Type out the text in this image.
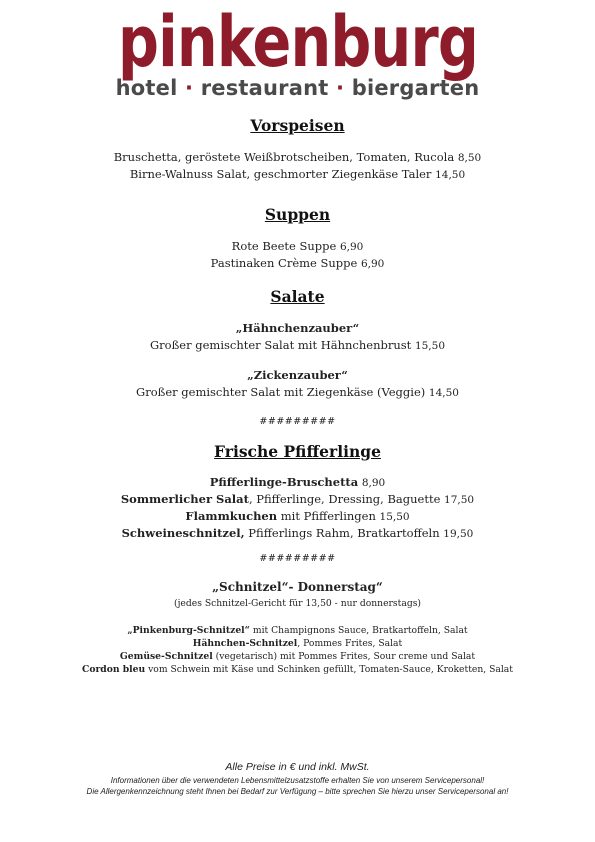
pinkenburg
hotel · restaurant · biergarten
Vorspeisen
Bruschetta, geröstete Weißbrotscheiben, Tomaten, Rucola 8,50
Birne-Walnuss Salat, geschmorter Ziegenkäse Taler 14,50
Suppen
Rote Beete Suppe 6,90
Pastinaken Crème Suppe 6,90
Salate
„Hähnchenzauber“
Großer gemischter Salat mit Hähnchenbrust 15,50
„Zickenzauber“
Großer gemischter Salat mit Ziegenkäse (Veggie) 14,50
#########
Frische Pfifferlinge
Pfifferlinge-Bruschetta 8,90
Sommerlicher Salat, Pfifferlinge, Dressing, Baguette 17,50
Flammkuchen mit Pfifferlingen 15,50
Schweineschnitzel, Pfifferlings Rahm, Bratkartoffeln 19,50
#########
„Schnitzel“- Donnerstag“
(jedes Schnitzel-Gericht für 13,50 - nur donnerstags)
„Pinkenburg-Schnitzel“ mit Champignons Sauce, Bratkartoffeln, Salat
Hähnchen-Schnitzel, Pommes Frites, Salat
Gemüse-Schnitzel (vegetarisch) mit Pommes Frites, Sour creme und Salat
Cordon bleu vom Schwein mit Käse und Schinken gefüllt, Tomaten-Sauce, Kroketten, Salat
Alle Preise in € und inkl. MwSt.
Informationen über die verwendeten Lebensmittelzusatzstoffe erhalten Sie von unserem Servicepersonal!
Die Allergenkennzeichnung steht Ihnen bei Bedarf zur Verfügung – bitte sprechen Sie hierzu unser Servicepersonal an!
